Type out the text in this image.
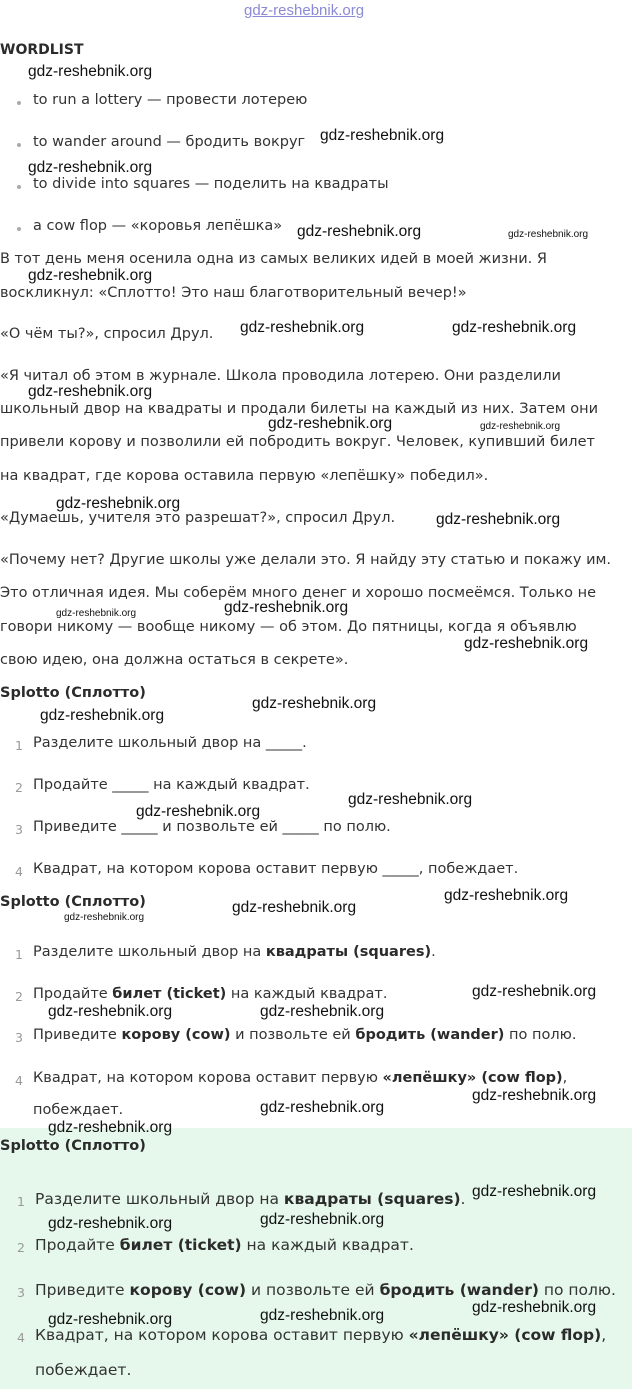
gdz-reshebnik.org
WORDLIST
to run a lottery — провести лотерею
to wander around — бродить вокруг
to divide into squares — поделить на квадраты
a cow flop — «коровья лепёшка»
В тот день меня осенила одна из самых великих идей в моей жизни. Я
воскликнул: «Сплотто! Это наш благотворительный вечер!»
«О чём ты?», спросил Друл.
«Я читал об этом в журнале. Школа проводила лотерею. Они разделили
школьный двор на квадраты и продали билеты на каждый из них. Затем они
привели корову и позволили ей побродить вокруг. Человек, купивший билет
на квадрат, где корова оставила первую «лепёшку» победил».
«Думаешь, учителя это разрешат?», спросил Друл.
«Почему нет? Другие школы уже делали это. Я найду эту статью и покажу им.
Это отличная идея. Мы соберём много денег и хорошо посмеёмся. Только не
говори никому — вообще никому — об этом. До пятницы, когда я объявлю
свою идею, она должна остаться в секрете».
Splotto (Сплотто)
1 Разделите школьный двор на _____.
2 Продайте _____ на каждый квадрат.
3 Приведите _____ и позвольте ей _____ по полю.
4 Квадрат, на котором корова оставит первую _____, побеждает.
Splotto (Сплотто)
1 Разделите школьный двор на квадраты (squares).
2 Продайте билет (ticket) на каждый квадрат.
3 Приведите корову (cow) и позвольте ей бродить (wander) по полю.
4 Квадрат, на котором корова оставит первую «лепёшку» (cow flop),
побеждает.
Splotto (Сплотто)
1 Разделите школьный двор на квадраты (squares).
2 Продайте билет (ticket) на каждый квадрат.
3 Приведите корову (cow) и позвольте ей бродить (wander) по полю.
4 Квадрат, на котором корова оставит первую «лепёшку» (cow flop),
побеждает.
gdz-reshebnik.org
gdz-reshebnik.org
gdz-reshebnik.org
gdz-reshebnik.org	gdz-reshebnik.org
gdz-reshebnik.org
gdz-reshebnik.org	gdz-reshebnik.org
gdz-reshebnik.org
gdz-reshebnik.org	gdz-reshebnik.org
gdz-reshebnik.org
gdz-reshebnik.org
gdz-reshebnik.org	gdz-reshebnik.org
gdz-reshebnik.org
gdz-reshebnik.org
gdz-reshebnik.org
gdz-reshebnik.org
gdz-reshebnik.org
gdz-reshebnik.org
gdz-reshebnik.org
gdz-reshebnik.org
gdz-reshebnik.org
gdz-reshebnik.org	gdz-reshebnik.org
gdz-reshebnik.org
gdz-reshebnik.org
gdz-reshebnik.org
gdz-reshebnik.org
gdz-reshebnik.org
gdz-reshebnik.org
gdz-reshebnik.org
gdz-reshebnik.org
gdz-reshebnik.org
